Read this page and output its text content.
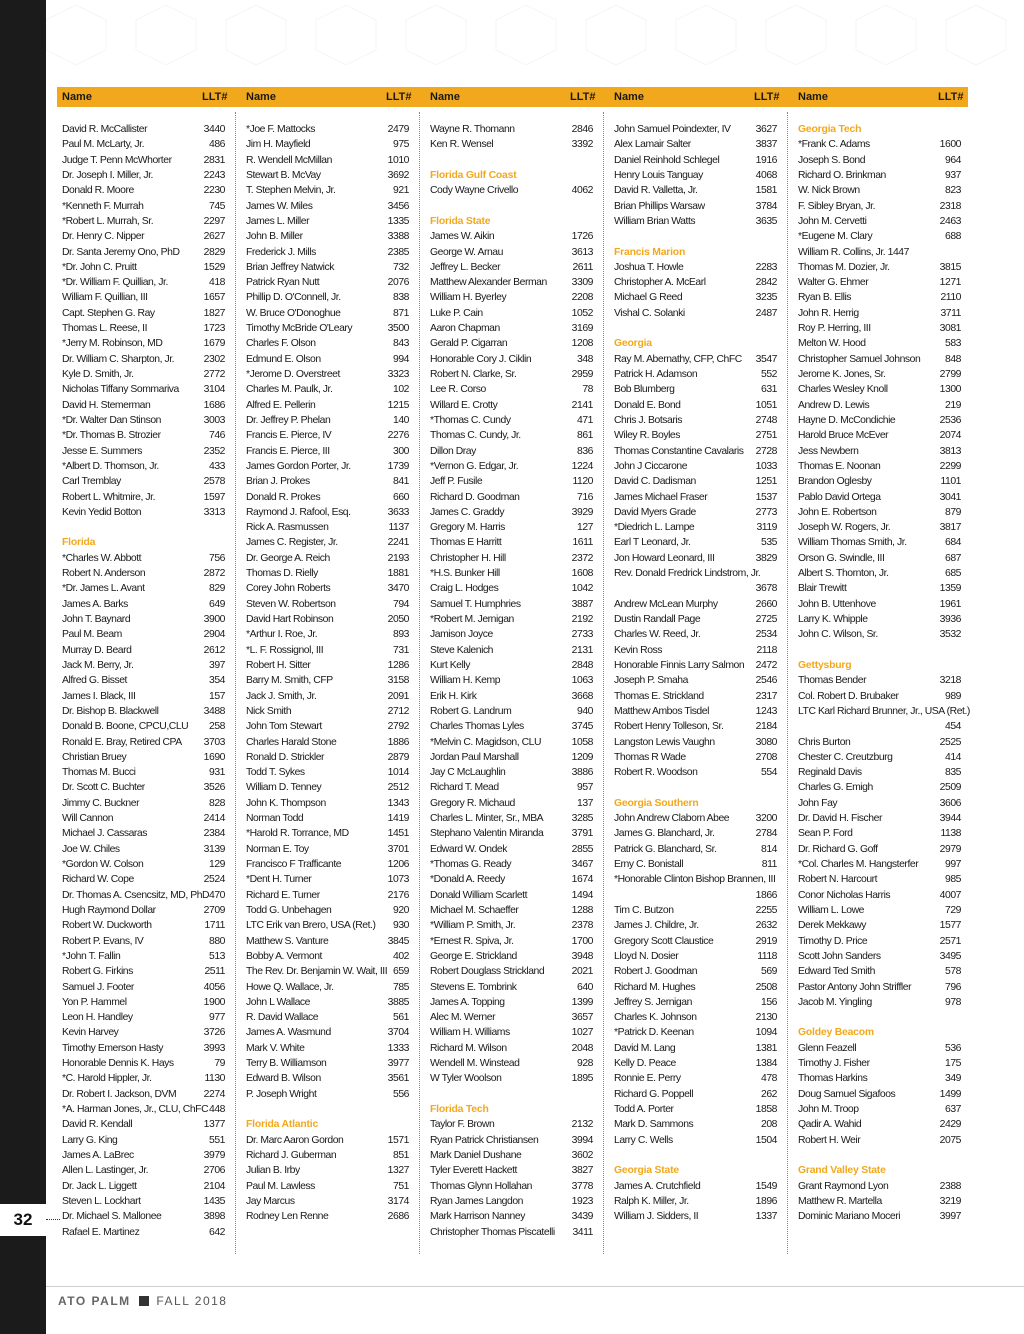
32
Name	LLT# Name	LLT# Name	LLT# Name	LLT# Name	LLT#
David R. McCallister	3440
Paul M. McLarty, Jr.	486
Judge T. Penn McWhorter	2831
Dr. Joseph I. Miller, Jr.	2243
Donald R. Moore	2230
*Kenneth F. Murrah	745
*Robert L. Murrah, Sr.	2297
Dr. Henry C. Nipper	2627
Dr. Santa Jeremy Ono, PhD 2829
*Dr. John C. Pruitt	1529
*Dr. William F. Quillian, Jr.	418
William F. Quillian, III	1657
Capt. Stephen G. Ray	1827
Thomas L. Reese, II	1723
*Jerry M. Robinson, MD	1679
Dr. William C. Sharpton, Jr.	2302
Kyle D. Smith, Jr.	2772
Nicholas Tiffany Sommariva 3104
David H. Stemerman	1686
*Dr. Walter Dan Stinson	3003
*Dr. Thomas B. Strozier	746
Jesse E. Summers	2352
*Albert D. Thomson, Jr.	433
Carl Tremblay	2578
Robert L. Whitmire, Jr.	1597
Kevin Yedid Botton	3313
Florida
*Charles W. Abbott	756
Robert N. Anderson	2872
*Dr. James L. Avant	829
James A. Barks	649
John T. Baynard	3900
Paul M. Beam	2904
Murray D. Beard	2612
Jack M. Berry, Jr.	397
Alfred G. Bisset	354
James I. Black, III	157
Dr. Bishop B. Blackwell	3488
Donald B. Boone, CPCU,CLU 258
Ronald E. Bray, Retired CPA 3703
Christian Bruey	1690
Thomas M. Bucci	931
Dr. Scott C. Buchter	3526
Jimmy C. Buckner	828
Will Cannon	2414
Michael J. Cassaras	2384
Joe W. Chiles	3139
*Gordon W. Colson	129
Richard W. Cope	2524
Dr. Thomas A. Csencsitz, MD, PhD 470
Hugh Raymond Dollar	2709
Robert W. Duckworth	1711
Robert P. Evans, IV	880
*John T. Fallin	513
Robert G. Firkins	2511
Samuel J. Footer	4056
Yon P. Hammel	1900
Leon H. Handley	977
Kevin Harvey	3726
Timothy Emerson Hasty	3993
Honorable Dennis K. Hays	79
*C. Harold Hippler, Jr.	1130
Dr. Robert I. Jackson, DVM	2274
*A. Harman Jones, Jr., CLU, ChFC 448
David R. Kendall	1377
Larry G. King	551
James A. LaBrec	3979
Allen L. Lastinger, Jr.	2706
Dr. Jack L. Liggett	2104
Steven L. Lockhart	1435
Dr. Michael S. Mallonee	3898
Rafael E. Martinez	642
*Joe F. Mattocks	2479
Jim H. Mayfield	975
R. Wendell McMillan	1010
Stewart B. McVay	3692
T. Stephen Melvin, Jr.	921
James W. Miles	3456
James L. Miller	1335
John B. Miller	3388
Frederick J. Mills	2385
Brian Jeffrey Natwick	732
Patrick Ryan Nutt	2076
Phillip D. O'Connell, Jr.	838
W. Bruce O'Donoghue	871
Timothy McBride O'Leary	3500
Charles F. Olson	843
Edmund E. Olson	994
*Jerome D. Overstreet	3323
Charles M. Paulk, Jr.	102
Alfred E. Pellerin	1215
Dr. Jeffrey P. Phelan	140
Francis E. Pierce, IV	2276
Francis E. Pierce, III	300
James Gordon Porter, Jr.	1739
Brian J. Prokes	841
Donald R. Prokes	660
Raymond J. Rafool, Esq.	3633
Rick A. Rasmussen	1137
James C. Register, Jr.	2241
Dr. George A. Reich	2193
Thomas D. Rielly	1881
Corey John Roberts	3470
Steven W. Robertson	794
David Hart Robinson	2050
*Arthur I. Roe, Jr.	893
*L. F. Rossignol, III	731
Robert H. Sitter	1286
Barry M. Smith, CFP	3158
Jack J. Smith, Jr.	2091
Nick Smith	2712
John Tom Stewart	2792
Charles Harald Stone	1886
Ronald D. Strickler	2879
Todd T. Sykes	1014
William D. Tenney	2512
John K. Thompson	1343
Norman Todd	1419
*Harold R. Torrance, MD	1451
Norman E. Toy	3701
Francisco F Trafficante	1206
*Dent H. Turner	1073
Richard E. Turner	2176
Todd G. Unbehagen	920
LTC Erik van Brero, USA (Ret.) 930
Matthew S. Vanture	3845
Bobby A. Vermont	402
The Rev. Dr. Benjamin W. Wait, III 659
Howe Q. Wallace, Jr.	785
John L Wallace	3885
R. David Wallace	561
James A. Wasmund	3704
Mark V. White	1333
Terry B. Williamson	3977
Edward B. Wilson	3561
P. Joseph Wright	556
Florida Atlantic
Dr. Marc Aaron Gordon	1571
Richard J. Guberman	851
Julian B. Irby	1327
Paul M. Lawless	751
Jay Marcus	3174
Rodney Len Renne	2686
Wayne R. Thomann	2846
Ken R. Wensel	3392
Florida Gulf Coast
Cody Wayne Crivello	4062
Florida State
James W. Aikin	1726
George W. Arnau	3613
Jeffrey L. Becker	2611
Matthew Alexander Berman 3309
William H. Byerley	2208
Luke P. Cain	1052
Aaron Chapman	3169
Gerald P. Cigarran	1208
Honorable Cory J. Ciklin	348
Robert N. Clarke, Sr.	2959
Lee R. Corso	78
Willard E. Crotty	2141
*Thomas C. Cundy	471
Thomas C. Cundy, Jr.	861
Dillon Dray	836
*Vernon G. Edgar, Jr.	1224
Jeff P. Fusile	1120
Richard D. Goodman	716
James C. Graddy	3929
Gregory M. Harris	127
Thomas E Harritt	1611
Christopher H. Hill	2372
*H.S. Bunker Hill	1608
Craig L. Hodges	1042
Samuel T. Humphries	3887
*Robert M. Jernigan	2192
Jamison Joyce	2733
Steve Kalenich	2131
Kurt Kelly	2848
William H. Kemp	1063
Erik H. Kirk	3668
Robert G. Landrum	940
Charles Thomas Lyles	3745
*Melvin C. Magidson, CLU	1058
Jordan Paul Marshall	1209
Jay C McLaughlin	3886
Richard T. Mead	957
Gregory R. Michaud	137
Charles L. Minter, Sr., MBA	3285
Stephano Valentin Miranda	3791
Edward W. Ondek	2855
*Thomas G. Ready	3467
*Donald A. Reedy	1674
Donald William Scarlett	1494
Michael M. Schaeffer	1288
*William P. Smith, Jr.	2378
*Ernest R. Spiva, Jr.	1700
George E. Strickland	3948
Robert Douglass Strickland	2021
Stevens E. Tombrink	640
James A. Topping	1399
Alec M. Werner	3657
William H. Williams	1027
Richard M. Wilson	2048
Wendell M. Winstead	928
W Tyler Woolson	1895
Florida Tech
Taylor F. Brown	2132
Ryan Patrick Christiansen	3994
Mark Daniel Dushane	3602
Tyler Everett Hackett	3827
Thomas Glynn Hollahan	3778
Ryan James Langdon	1923
Mark Harrison Nanney	3439
Christopher Thomas Piscatelli 3411
John Samuel Poindexter, IV 3627
Alex Lamair Salter	3837
Daniel Reinhold Schlegel	1916
Henry Louis Tanguay	4068
David R. Valletta, Jr.	1581
Brian Phillips Warsaw	3784
William Brian Watts	3635
Francis Marion
Joshua T. Howle	2283
Christopher A. McEarl	2842
Michael G Reed	3235
Vishal C. Solanki	2487
Georgia
Ray M. Abernathy, CFP, ChFC 3547
Patrick H. Adamson	552
Bob Blumberg	631
Donald E. Bond	1051
Chris J. Botsaris	2748
Wiley R. Boyles	2751
Thomas Constantine Cavalaris 2728
John J Ciccarone	1033
David C. Dadisman	1251
James Michael Fraser	1537
David Myers Grade	2773
*Diedrich L. Lampe	3119
Earl T Leonard, Jr.	535
Jon Howard Leonard, III	3829
Rev. Donald Fredrick Lindstrom, Jr.
3678
Andrew McLean Murphy	2660
Dustin Randall Page	2725
Charles W. Reed, Jr.	2534
Kevin Ross	2118
Honorable Finnis Larry Salmon 2472
Joseph P. Smaha	2546
Thomas E. Strickland	2317
Matthew Ambos Tisdel	1243
Robert Henry Tolleson, Sr.	2184
Langston Lewis Vaughn	3080
Thomas R Wade	2708
Robert R. Woodson	554
Georgia Southern
John Andrew Claborn Abee	3200
James G. Blanchard, Jr.	2784
Patrick G. Blanchard, Sr.	814
Erny C. Bonistall	811
*Honorable Clinton Bishop Brannen, III
1866
Tim C. Butzon	2255
James J. Childre, Jr.	2632
Gregory Scott Claustice	2919
Lloyd N. Dosier	1118
Robert J. Goodman	569
Richard M. Hughes	2508
Jeffrey S. Jernigan	156
Charles K. Johnson	2130
*Patrick D. Keenan	1094
David M. Lang	1381
Kelly D. Peace	1384
Ronnie E. Perry	478
Richard G. Poppell	262
Todd A. Porter	1858
Mark D. Sammons	208
Larry C. Wells	1504
Georgia State
James A. Crutchfield	1549
Ralph K. Miller, Jr.	1896
William J. Sidders, II	1337
Georgia Tech
*Frank C. Adams	1600
Joseph S. Bond	964
Richard O. Brinkman	937
W. Nick Brown	823
F. Sibley Bryan, Jr.	2318
John M. Cervetti	2463
*Eugene M. Clary	688
William R. Collins, Jr. 1447
Thomas M. Dozier, Jr.	3815
Walter G. Ehmer	1271
Ryan B. Ellis	2110
John R. Herrig	3711
Roy P. Herring, III	3081
Melton W. Hood	583
Christopher Samuel Johnson 848
Jerome K. Jones, Sr.	2799
Charles Wesley Knoll	1300
Andrew D. Lewis	219
Hayne D. McCondichie	2536
Harold Bruce McEver	2074
Jess Newbern	3813
Thomas E. Noonan	2299
Brandon Oglesby	1101
Pablo David Ortega	3041
John E. Robertson	879
Joseph W. Rogers, Jr.	3817
William Thomas Smith, Jr.	684
Orson G. Swindle, III	687
Albert S. Thornton, Jr.	685
Blair Trewitt	1359
John B. Uttenhove	1961
Larry K. Whipple	3936
John C. Wilson, Sr.	3532
Gettysburg
Thomas Bender	3218
Col. Robert D. Brubaker	989
LTC Karl Richard Brunner, Jr., USA (Ret.)
454
Chris Burton	2525
Chester C. Creutzburg	414
Reginald Davis	835
Charles G. Emigh	2509
John Fay	3606
Dr. David H. Fischer	3944
Sean P. Ford	1138
Dr. Richard G. Goff	2979
*Col. Charles M. Hangsterfer	997
Robert N. Harcourt	985
Conor Nicholas Harris	4007
William L. Lowe	729
Derek Mekkawy	1577
Timothy D. Price	2571
Scott John Sanders	3495
Edward Ted Smith	578
Pastor Antony John Striffler	796
Jacob M. Yingling	978
Goldey Beacom
Glenn Feazell	536
Timothy J. Fisher	175
Thomas Harkins	349
Doug Samuel Sigafoos	1499
John M. Troop	637
Qadir A. Wahid	2429
Robert H. Weir	2075
Grand Valley State
Grant Raymond Lyon	2388
Matthew R. Martella	3219
Dominic Mariano Moceri	3997
ATO PALM FALL 2018
